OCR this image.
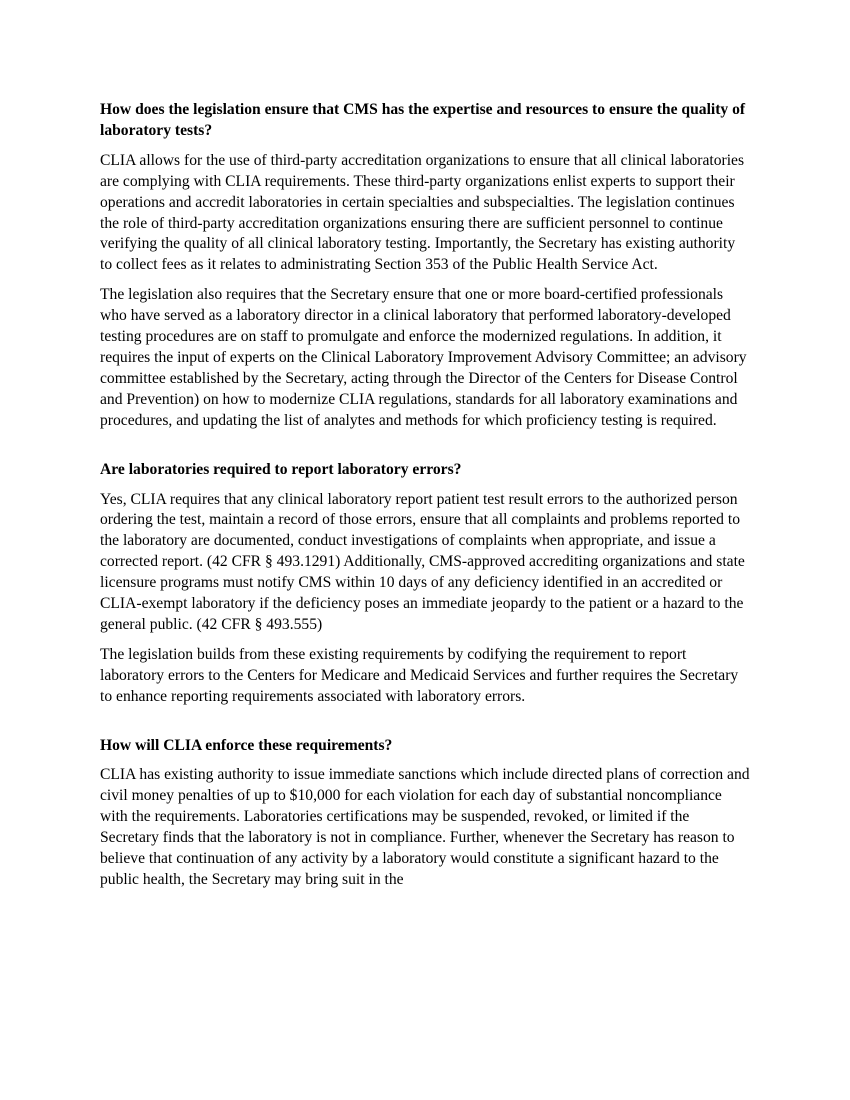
How does the legislation ensure that CMS has the expertise and resources to ensure the quality of laboratory tests?

CLIA allows for the use of third-party accreditation organizations to ensure that all clinical laboratories are complying with CLIA requirements. These third-party organizations enlist experts to support their operations and accredit laboratories in certain specialties and subspecialties. The legislation continues the role of third-party accreditation organizations ensuring there are sufficient personnel to continue verifying the quality of all clinical laboratory testing. Importantly, the Secretary has existing authority to collect fees as it relates to administrating Section 353 of the Public Health Service Act.

The legislation also requires that the Secretary ensure that one or more board-certified professionals who have served as a laboratory director in a clinical laboratory that performed laboratory-developed testing procedures are on staff to promulgate and enforce the modernized regulations. In addition, it requires the input of experts on the Clinical Laboratory Improvement Advisory Committee; an advisory committee established by the Secretary, acting through the Director of the Centers for Disease Control and Prevention) on how to modernize CLIA regulations, standards for all laboratory examinations and procedures, and updating the list of analytes and methods for which proficiency testing is required.

Are laboratories required to report laboratory errors?

Yes, CLIA requires that any clinical laboratory report patient test result errors to the authorized person ordering the test, maintain a record of those errors, ensure that all complaints and problems reported to the laboratory are documented, conduct investigations of complaints when appropriate, and issue a corrected report. (42 CFR § 493.1291) Additionally, CMS-approved accrediting organizations and state licensure programs must notify CMS within 10 days of any deficiency identified in an accredited or CLIA-exempt laboratory if the deficiency poses an immediate jeopardy to the patient or a hazard to the general public. (42 CFR § 493.555)

The legislation builds from these existing requirements by codifying the requirement to report laboratory errors to the Centers for Medicare and Medicaid Services and further requires the Secretary to enhance reporting requirements associated with laboratory errors.

How will CLIA enforce these requirements?

CLIA has existing authority to issue immediate sanctions which include directed plans of correction and civil money penalties of up to $10,000 for each violation for each day of substantial noncompliance with the requirements. Laboratories certifications may be suspended, revoked, or limited if the Secretary finds that the laboratory is not in compliance. Further, whenever the Secretary has reason to believe that continuation of any activity by a laboratory would constitute a significant hazard to the public health, the Secretary may bring suit in the
